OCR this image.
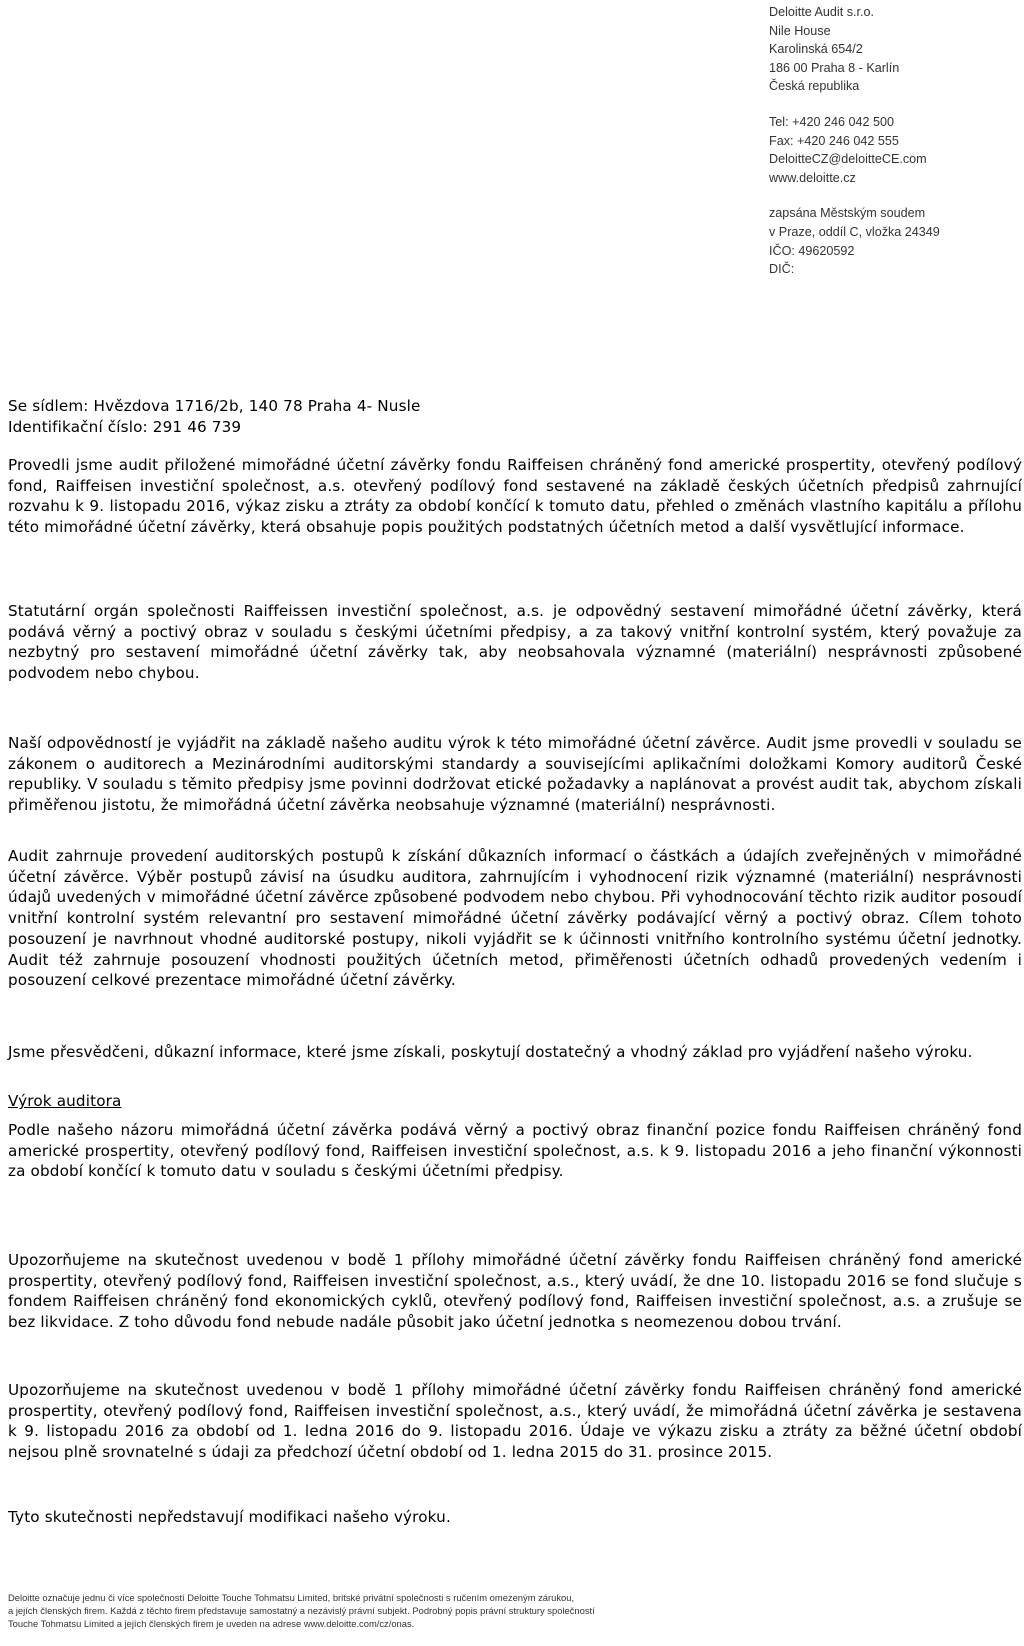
Deloitte Audit s.r.o.
Nile House
Karolinská 654/2
186 00 Praha 8 - Karlín
Česká republika
Tel: +420 246 042 500
Fax: +420 246 042 555
DeloitteCZ@deloitteCE.com
www.deloitte.cz
zapsána Městským soudem
v Praze, oddíl C, vložka 24349
IČO: 49620592
DIČ:
Se sídlem: Hvězdova 1716/2b, 140 78 Praha 4- Nusle
Identifikační číslo: 291 46 739

Provedli jsme audit přiložené mimořádné účetní závěrky fondu Raiffeisen chráněný fond americké prospertity, otevřený podílový fond, Raiffeisen investiční společnost, a.s. otevřený podílový fond sestavené na základě českých účetních předpisů zahrnující rozvahu k 9. listopadu 2016, výkaz zisku a ztráty za období končící k tomuto datu, přehled o změnách vlastního kapitálu a přílohu této mimořádné účetní závěrky, která obsahuje popis použitých podstatných účetních metod a další vysvětlující informace.

Statutární orgán společnosti Raiffeissen investiční společnost, a.s. je odpovědný sestavení mimořádné účetní závěrky, která podává věrný a poctivý obraz v souladu s českými účetními předpisy, a za takový vnitřní kontrolní systém, který považuje za nezbytný pro sestavení mimořádné účetní závěrky tak, aby neobsahovala významné (materiální) nesprávnosti způsobené podvodem nebo chybou.

Naší odpovědností je vyjádřit na základě našeho auditu výrok k této mimořádné účetní závěrce. Audit jsme provedli v souladu se zákonem o auditorech a Mezinárodními auditorskými standardy a souvisejícími aplikačními doložkami Komory auditorů České republiky. V souladu s těmito předpisy jsme povinni dodržovat etické požadavky a naplánovat a provést audit tak, abychom získali přiměřenou jistotu, že mimořádná účetní závěrka neobsahuje významné (materiální) nesprávnosti.

Audit zahrnuje provedení auditorských postupů k získání důkazních informací o částkách a údajích zveřejněných v mimořádné účetní závěrce. Výběr postupů závisí na úsudku auditora, zahrnujícím i vyhodnocení rizik významné (materiální) nesprávnosti údajů uvedených v mimořádné účetní závěrce způsobené podvodem nebo chybou. Při vyhodnocování těchto rizik auditor posoudí vnitřní kontrolní systém relevantní pro sestavení mimořádné účetní závěrky podávající věrný a poctivý obraz. Cílem tohoto posouzení je navrhnout vhodné auditorské postupy, nikoli vyjádřit se k účinnosti vnitřního kontrolního systému účetní jednotky. Audit též zahrnuje posouzení vhodnosti použitých účetních metod, přiměřenosti účetních odhadů provedených vedením i posouzení celkové prezentace mimořádné účetní závěrky.

Jsme přesvědčeni, důkazní informace, které jsme získali, poskytují dostatečný a vhodný základ pro vyjádření našeho výroku.

Výrok auditora

Podle našeho názoru mimořádná účetní závěrka podává věrný a poctivý obraz finanční pozice fondu Raiffeisen chráněný fond americké prospertity, otevřený podílový fond, Raiffeisen investiční společnost, a.s. k 9. listopadu 2016 a jeho finanční výkonnosti za období končící k tomuto datu v souladu s českými účetními předpisy.

Upozorňujeme na skutečnost uvedenou v bodě 1 přílohy mimořádné účetní závěrky fondu Raiffeisen chráněný fond americké prospertity, otevřený podílový fond, Raiffeisen investiční společnost, a.s., který uvádí, že dne 10. listopadu 2016 se fond slučuje s fondem Raiffeisen chráněný fond ekonomických cyklů, otevřený podílový fond, Raiffeisen investiční společnost, a.s. a zrušuje se bez likvidace. Z toho důvodu fond nebude nadále působit jako účetní jednotka s neomezenou dobou trvání.

Upozorňujeme na skutečnost uvedenou v bodě 1 přílohy mimořádné účetní závěrky fondu Raiffeisen chráněný fond americké prospertity, otevřený podílový fond, Raiffeisen investiční společnost, a.s., který uvádí, že mimořádná účetní závěrka je sestavena k 9. listopadu 2016 za období od 1. ledna 2016 do 9. listopadu 2016. Údaje ve výkazu zisku a ztráty za běžné účetní období nejsou plně srovnatelné s údaji za předchozí účetní období od 1. ledna 2015 do 31. prosince 2015.

Tyto skutečnosti nepředstavují modifikaci našeho výroku.

Deloitte označuje jednu či více společností Deloitte Touche Tohmatsu Limited, britské privátní společnosti s ručením omezeným zárukou,
a jejích členských firem. Každá z těchto firem představuje samostatný a nezávislý právní subjekt. Podrobný popis právní struktury společností
Touche Tohmatsu Limited a jejích členských firem je uveden na adrese www.deloitte.com/cz/onas.
